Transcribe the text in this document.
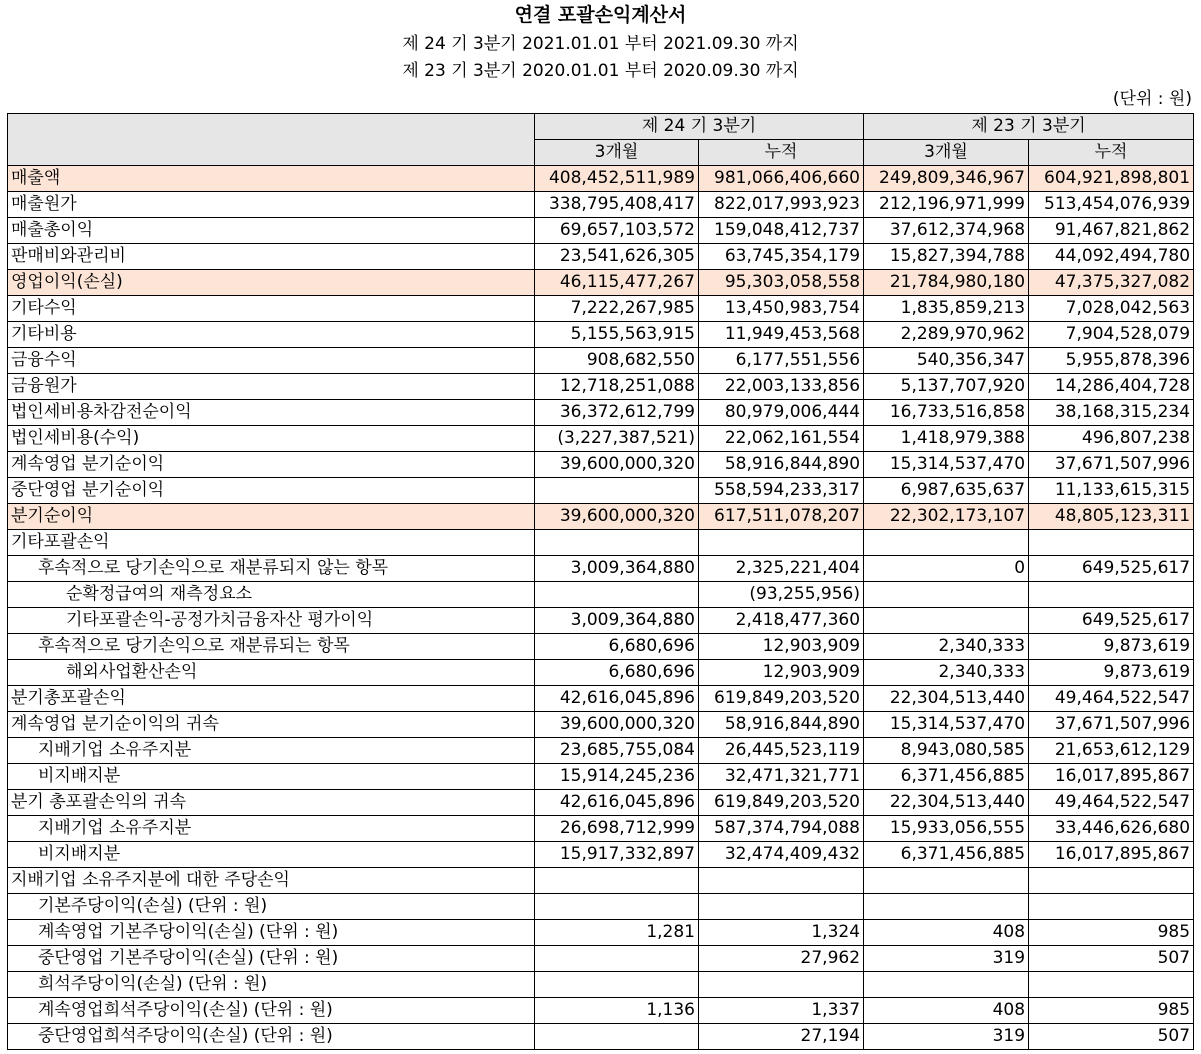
연결 포괄손익계산서
제 24 기 3분기 2021.01.01 부터 2021.09.30 까지
제 23 기 3분기 2020.01.01 부터 2020.09.30 까지
(단위 : 원)
	제 24 기 3분기		제 23 기 3분기	
	3개월	누적	3개월	누적
매출액	408,452,511,989	981,066,406,660	249,809,346,967	604,921,898,801
매출원가	338,795,408,417	822,017,993,923	212,196,971,999	513,454,076,939
매출총이익	69,657,103,572	159,048,412,737	37,612,374,968	91,467,821,862
판매비와관리비	23,541,626,305	63,745,354,179	15,827,394,788	44,092,494,780
영업이익(손실)	46,115,477,267	95,303,058,558	21,784,980,180	47,375,327,082
기타수익	7,222,267,985	13,450,983,754	1,835,859,213	7,028,042,563
기타비용	5,155,563,915	11,949,453,568	2,289,970,962	7,904,528,079
금융수익	908,682,550	6,177,551,556	540,356,347	5,955,878,396
금융원가	12,718,251,088	22,003,133,856	5,137,707,920	14,286,404,728
법인세비용차감전순이익	36,372,612,799	80,979,006,444	16,733,516,858	38,168,315,234
법인세비용(수익)	(3,227,387,521)	22,062,161,554	1,418,979,388	496,807,238
계속영업 분기순이익	39,600,000,320	58,916,844,890	15,314,537,470	37,671,507,996
중단영업 분기순이익		558,594,233,317	6,987,635,637	11,133,615,315
분기순이익	39,600,000,320	617,511,078,207	22,302,173,107	48,805,123,311
기타포괄손익				
후속적으로 당기손익으로 재분류되지 않는 항목	3,009,364,880	2,325,221,404	0	649,525,617
순확정급여의 재측정요소		(93,255,956)		
기타포괄손익-공정가치금융자산 평가이익	3,009,364,880	2,418,477,360		649,525,617
후속적으로 당기손익으로 재분류되는 항목	6,680,696	12,903,909	2,340,333	9,873,619
해외사업환산손익	6,680,696	12,903,909	2,340,333	9,873,619
분기총포괄손익	42,616,045,896	619,849,203,520	22,304,513,440	49,464,522,547
계속영업 분기순이익의 귀속	39,600,000,320	58,916,844,890	15,314,537,470	37,671,507,996
지배기업 소유주지분	23,685,755,084	26,445,523,119	8,943,080,585	21,653,612,129
비지배지분	15,914,245,236	32,471,321,771	6,371,456,885	16,017,895,867
분기 총포괄손익의 귀속	42,616,045,896	619,849,203,520	22,304,513,440	49,464,522,547
지배기업 소유주지분	26,698,712,999	587,374,794,088	15,933,056,555	33,446,626,680
비지배지분	15,917,332,897	32,474,409,432	6,371,456,885	16,017,895,867
지배기업 소유주지분에 대한 주당손익				
기본주당이익(손실) (단위 : 원)				
계속영업 기본주당이익(손실) (단위 : 원)	1,281	1,324	408	985
중단영업 기본주당이익(손실) (단위 : 원)		27,962	319	507
희석주당이익(손실) (단위 : 원)				
계속영업희석주당이익(손실) (단위 : 원)	1,136	1,337	408	985
중단영업희석주당이익(손실) (단위 : 원)		27,194	319	507
